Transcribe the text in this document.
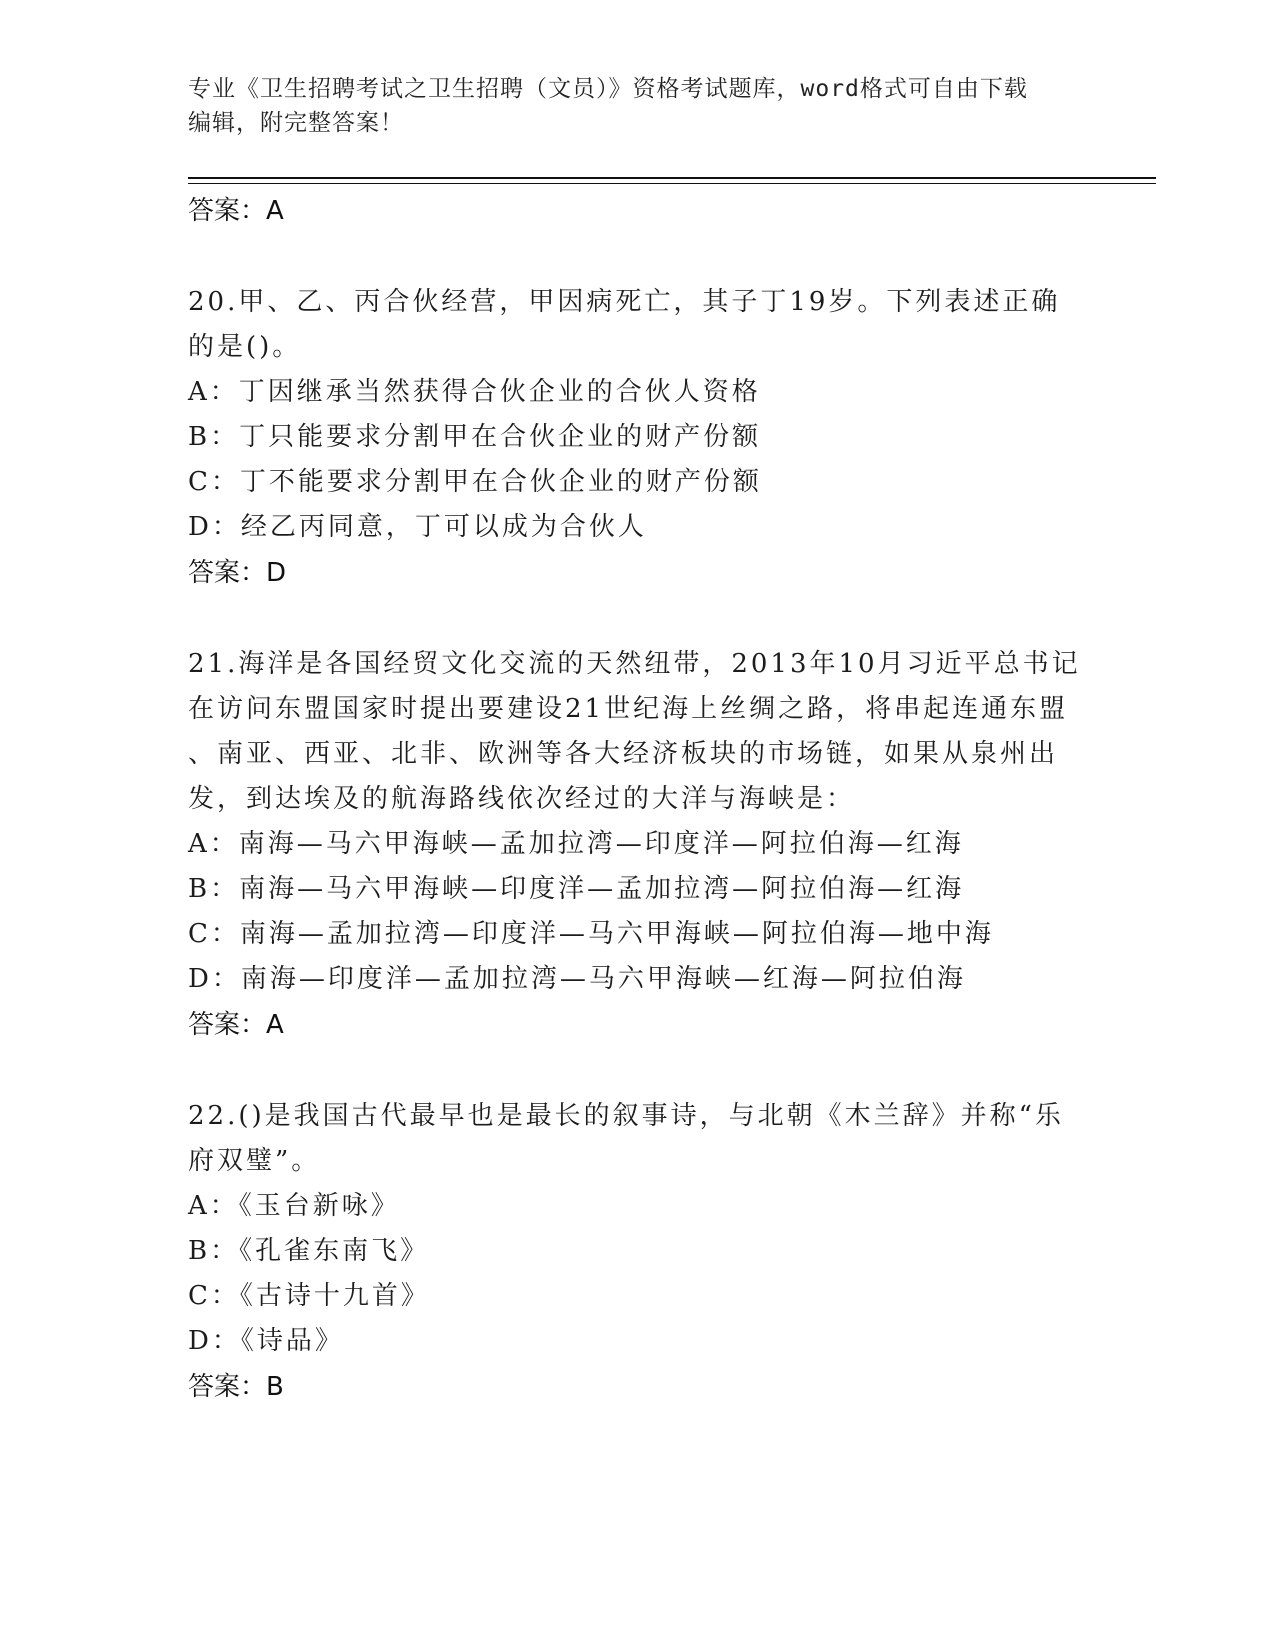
专业《卫生招聘考试之卫生招聘（文员）》资格考试题库，word格式可自由下载
编辑，附完整答案！
答案：A
20.甲、乙、丙合伙经营，甲因病死亡，其子丁19岁。下列表述正确
的是()。
A：丁因继承当然获得合伙企业的合伙人资格
B：丁只能要求分割甲在合伙企业的财产份额
C：丁不能要求分割甲在合伙企业的财产份额
D：经乙丙同意，丁可以成为合伙人
答案：D
21.海洋是各国经贸文化交流的天然纽带，2013年10月习近平总书记
在访问东盟国家时提出要建设21世纪海上丝绸之路，将串起连通东盟
、南亚、西亚、北非、欧洲等各大经济板块的市场链，如果从泉州出
发，到达埃及的航海路线依次经过的大洋与海峡是：
A：南海—马六甲海峡—孟加拉湾—印度洋—阿拉伯海—红海
B：南海—马六甲海峡—印度洋—孟加拉湾—阿拉伯海—红海
C：南海—孟加拉湾—印度洋—马六甲海峡—阿拉伯海—地中海
D：南海—印度洋—孟加拉湾—马六甲海峡—红海—阿拉伯海
答案：A
22.()是我国古代最早也是最长的叙事诗，与北朝《木兰辞》并称“乐
府双璧”。
A：《玉台新咏》
B：《孔雀东南飞》
C：《古诗十九首》
D：《诗品》
答案：B
